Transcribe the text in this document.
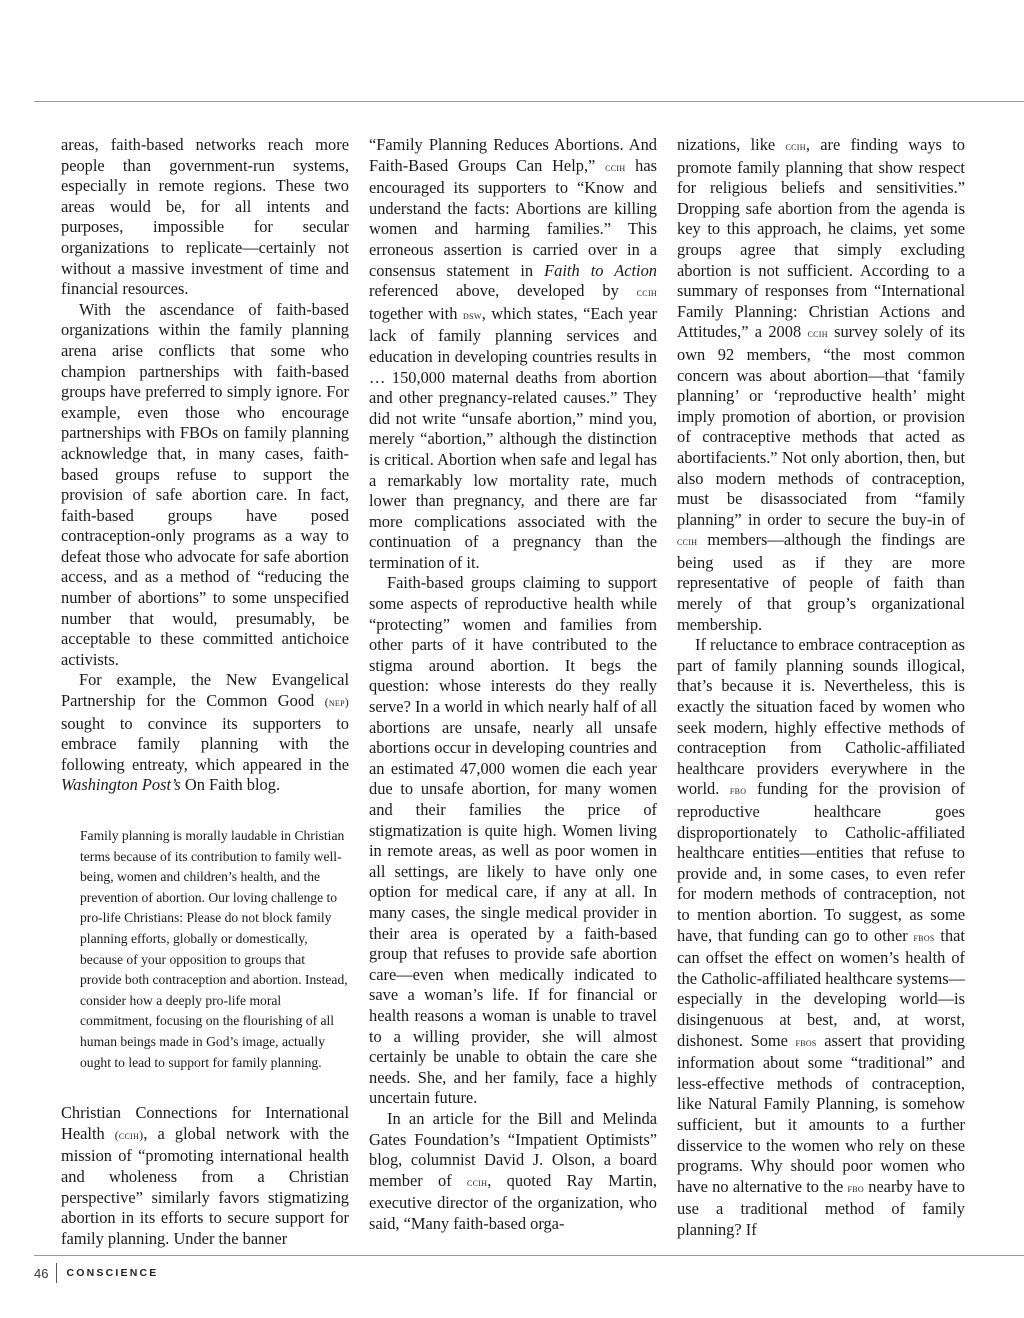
areas, faith-based networks reach more people than government-run systems, especially in remote regions. These two areas would be, for all intents and purposes, impossible for secular organizations to replicate—certainly not without a massive investment of time and financial resources.

With the ascendance of faith-based organizations within the family planning arena arise conflicts that some who champion partnerships with faith-based groups have preferred to simply ignore. For example, even those who encourage partnerships with FBOs on family planning acknowledge that, in many cases, faith-based groups refuse to support the provision of safe abortion care. In fact, faith-based groups have posed contraception-only programs as a way to defeat those who advocate for safe abortion access, and as a method of “reducing the number of abortions” to some unspecified number that would, presumably, be acceptable to these committed antichoice activists.

For example, the New Evangelical Partnership for the Common Good (nep) sought to convince its supporters to embrace family planning with the following entreaty, which appeared in the Washington Post’s On Faith blog.

Family planning is morally laudable in Christian terms because of its contribution to family well-being, women and children’s health, and the prevention of abortion. Our loving challenge to pro-life Christians: Please do not block family planning efforts, globally or domestically, because of your opposition to groups that provide both contraception and abortion. Instead, consider how a deeply pro-life moral commitment, focusing on the flourishing of all human beings made in God’s image, actually ought to lead to support for family planning.

Christian Connections for International Health (ccih), a global network with the mission of “promoting international health and wholeness from a Christian perspective” similarly favors stigmatizing abortion in its efforts to secure support for family planning. Under the banner

“Family Planning Reduces Abortions. And Faith-Based Groups Can Help,” ccih has encouraged its supporters to “Know and understand the facts: Abortions are killing women and harming families.” This erroneous assertion is carried over in a consensus statement in Faith to Action referenced above, developed by ccih together with dsw, which states, “Each year lack of family planning services and education in developing countries results in … 150,000 maternal deaths from abortion and other pregnancy-related causes.” They did not write “unsafe abortion,” mind you, merely “abortion,” although the distinction is critical. Abortion when safe and legal has a remarkably low mortality rate, much lower than pregnancy, and there are far more complications associated with the continuation of a pregnancy than the termination of it.

Faith-based groups claiming to support some aspects of reproductive health while “protecting” women and families from other parts of it have contributed to the stigma around abortion. It begs the question: whose interests do they really serve? In a world in which nearly half of all abortions are unsafe, nearly all unsafe abortions occur in developing countries and an estimated 47,000 women die each year due to unsafe abortion, for many women and their families the price of stigmatization is quite high. Women living in remote areas, as well as poor women in all settings, are likely to have only one option for medical care, if any at all. In many cases, the single medical provider in their area is operated by a faith-based group that refuses to provide safe abortion care—even when medically indicated to save a woman’s life. If for financial or health reasons a woman is unable to travel to a willing provider, she will almost certainly be unable to obtain the care she needs. She, and her family, face a highly uncertain future.

In an article for the Bill and Melinda Gates Foundation’s “Impatient Optimists” blog, columnist David J. Olson, a board member of ccih, quoted Ray Martin, executive director of the organization, who said, “Many faith-based orga-

nizations, like ccih, are finding ways to promote family planning that show respect for religious beliefs and sensitivities.” Dropping safe abortion from the agenda is key to this approach, he claims, yet some groups agree that simply excluding abortion is not sufficient. According to a summary of responses from “International Family Planning: Christian Actions and Attitudes,” a 2008 ccih survey solely of its own 92 members, “the most common concern was about abortion—that ‘family planning’ or ‘reproductive health’ might imply promotion of abortion, or provision of contraceptive methods that acted as abortifacients.” Not only abortion, then, but also modern methods of contraception, must be disassociated from “family planning” in order to secure the buy-in of ccih members—although the findings are being used as if they are more representative of people of faith than merely of that group’s organizational membership.

If reluctance to embrace contraception as part of family planning sounds illogical, that’s because it is. Nevertheless, this is exactly the situation faced by women who seek modern, highly effective methods of contraception from Catholic-affiliated healthcare providers everywhere in the world. fbo funding for the provision of reproductive healthcare goes disproportionately to Catholic-affiliated healthcare entities—entities that refuse to provide and, in some cases, to even refer for modern methods of contraception, not to mention abortion. To suggest, as some have, that funding can go to other fbos that can offset the effect on women’s health of the Catholic-affiliated healthcare systems—especially in the developing world—is disingenuous at best, and, at worst, dishonest. Some fbos assert that providing information about some “traditional” and less-effective methods of contraception, like Natural Family Planning, is somehow sufficient, but it amounts to a further disservice to the women who rely on these programs. Why should poor women who have no alternative to the fbo nearby have to use a traditional method of family planning? If

46	CONSCIENCE
